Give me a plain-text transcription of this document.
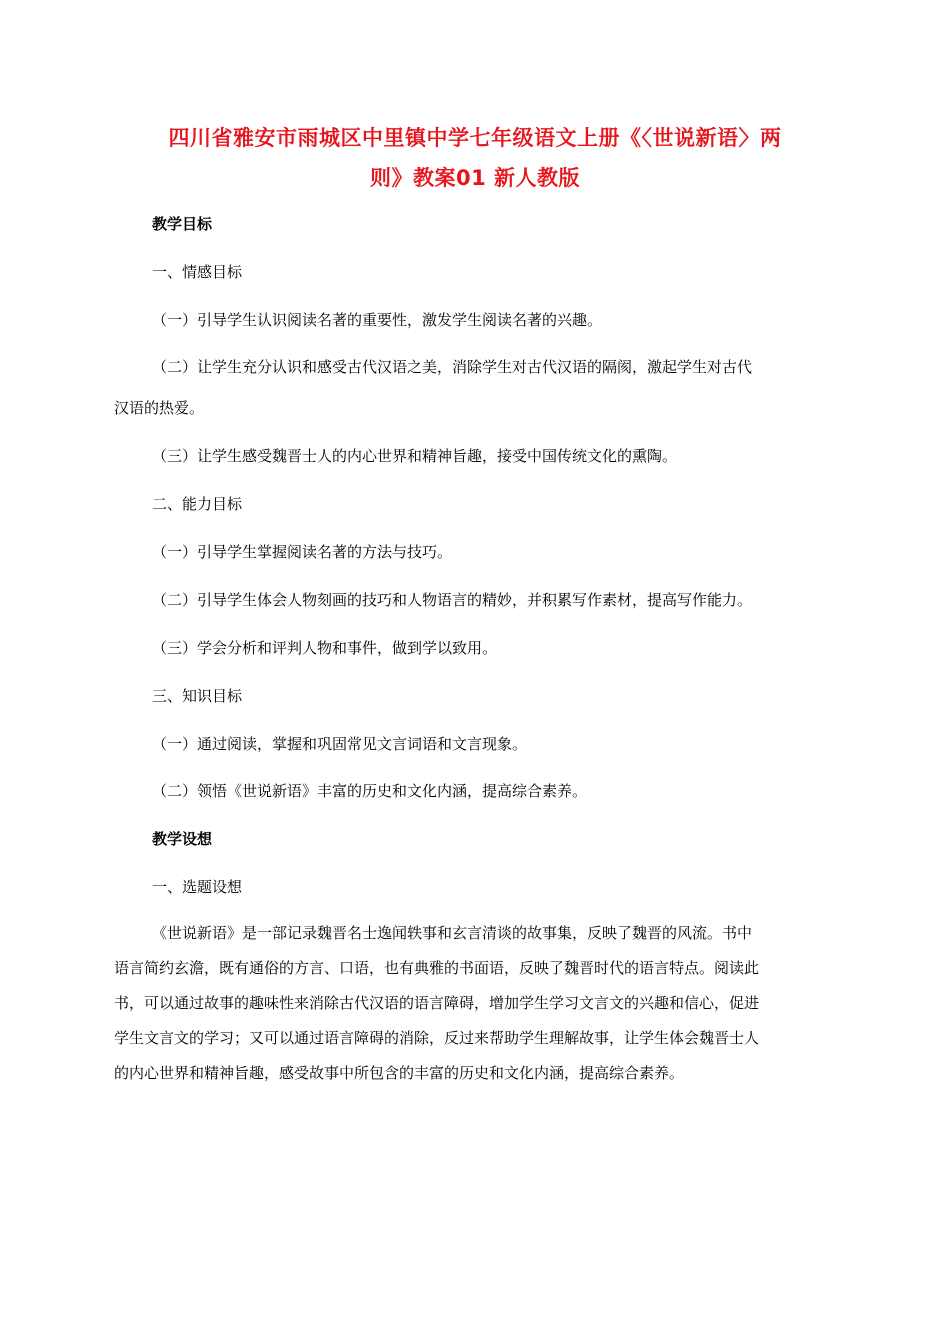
四川省雅安市雨城区中里镇中学七年级语文上册《〈世说新语〉两
则》教案01 新人教版
教学目标
一、情感目标
（一）引导学生认识阅读名著的重要性，激发学生阅读名著的兴趣。
（二）让学生充分认识和感受古代汉语之美，消除学生对古代汉语的隔阂，激起学生对古代
汉语的热爱。
（三）让学生感受魏晋士人的内心世界和精神旨趣，接受中国传统文化的熏陶。
二、能力目标
（一）引导学生掌握阅读名著的方法与技巧。
（二）引导学生体会人物刻画的技巧和人物语言的精妙，并积累写作素材，提高写作能力。
（三）学会分析和评判人物和事件，做到学以致用。
三、知识目标
（一）通过阅读，掌握和巩固常见文言词语和文言现象。
（二）领悟《世说新语》丰富的历史和文化内涵，提高综合素养。
教学设想
一、选题设想
《世说新语》是一部记录魏晋名士逸闻轶事和玄言清谈的故事集，反映了魏晋的风流。书中
语言简约玄澹，既有通俗的方言、口语，也有典雅的书面语，反映了魏晋时代的语言特点。阅读此
书，可以通过故事的趣味性来消除古代汉语的语言障碍，增加学生学习文言文的兴趣和信心，促进
学生文言文的学习；又可以通过语言障碍的消除，反过来帮助学生理解故事，让学生体会魏晋士人
的内心世界和精神旨趣，感受故事中所包含的丰富的历史和文化内涵，提高综合素养。
